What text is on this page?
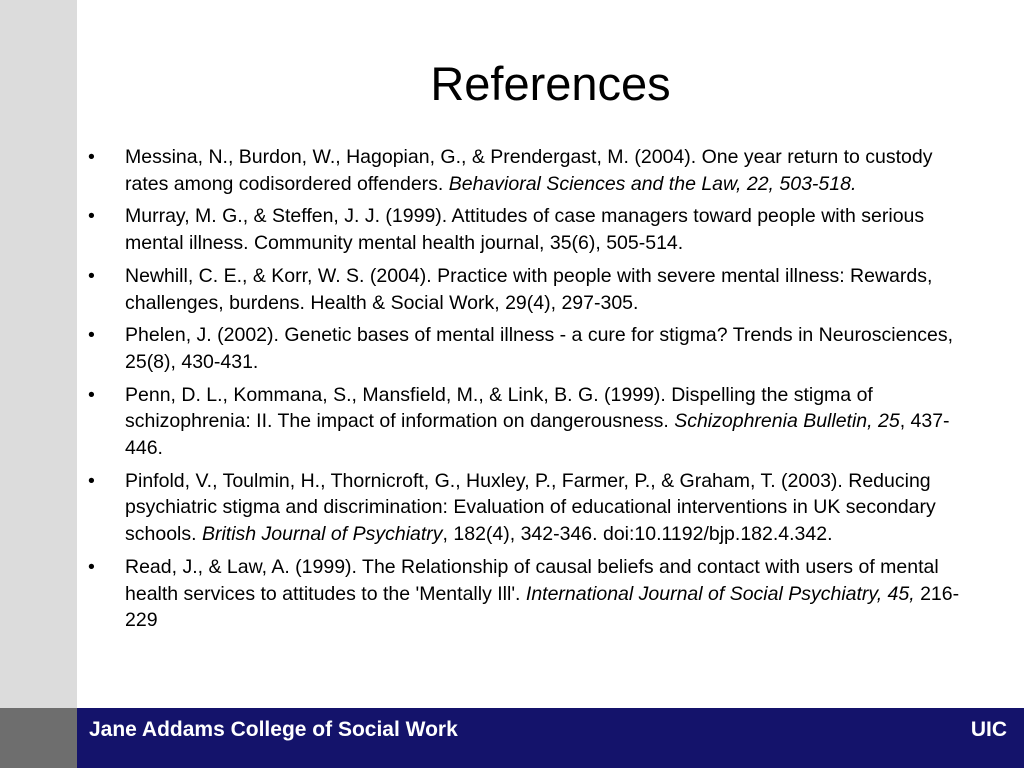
References
• Messina, N., Burdon, W., Hagopian, G., & Prendergast, M. (2004). One year return to custody rates among codisordered offenders. Behavioral Sciences and the Law, 22, 503-518.
• Murray, M. G., & Steffen, J. J. (1999). Attitudes of case managers toward people with serious mental illness. Community mental health journal, 35(6), 505-514.
• Newhill, C. E., & Korr, W. S. (2004). Practice with people with severe mental illness: Rewards, challenges, burdens. Health & Social Work, 29(4), 297-305.
• Phelen, J. (2002). Genetic bases of mental illness - a cure for stigma? Trends in Neurosciences, 25(8), 430-431.
• Penn, D. L., Kommana, S., Mansfield, M., & Link, B. G. (1999). Dispelling the stigma of schizophrenia: II. The impact of information on dangerousness. Schizophrenia Bulletin, 25, 437-446.
• Pinfold, V., Toulmin, H., Thornicroft, G., Huxley, P., Farmer, P., & Graham, T. (2003). Reducing psychiatric stigma and discrimination: Evaluation of educational interventions in UK secondary schools. British Journal of Psychiatry, 182(4), 342-346. doi:10.1192/bjp.182.4.342.
• Read, J., & Law, A. (1999). The Relationship of causal beliefs and contact with users of mental health services to attitudes to the 'Mentally Ill'. International Journal of Social Psychiatry, 45, 216-229
Jane Addams College of Social Work	UIC
